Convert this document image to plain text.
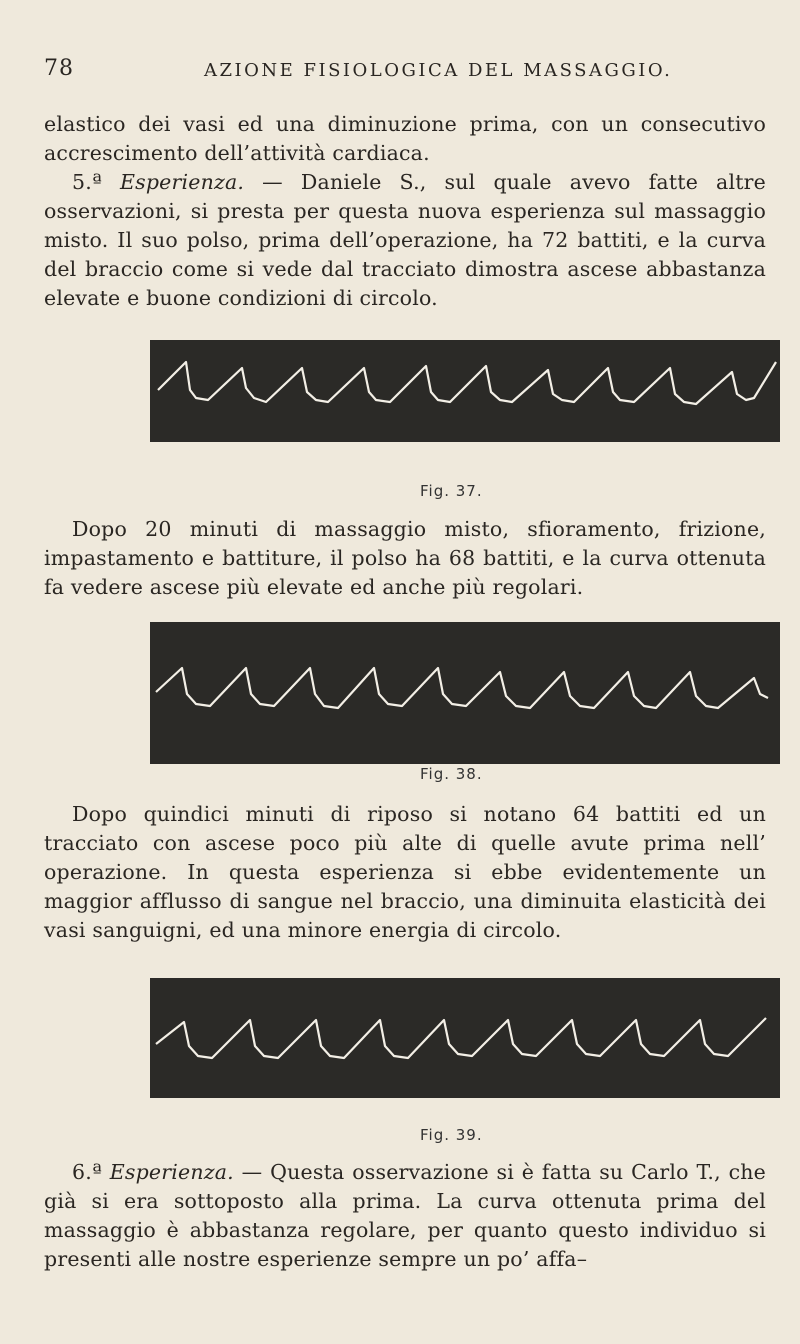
78	AZIONE FISIOLOGICA DEL MASSAGGIO.

elastico dei vasi ed una diminuzione prima, con un consecutivo accrescimento dell’attività cardiaca.

5.ª Esperienza. — Daniele S., sul quale avevo fatte altre osservazioni, si presta per questa nuova esperienza sul massaggio misto. Il suo polso, prima dell’operazione, ha 72 battiti, e la curva del braccio come si vede dal tracciato dimostra ascese abbastanza elevate e buone condizioni di circolo.

Fig. 37.

Dopo 20 minuti di massaggio misto, sfioramento, frizione, impastamento e battiture, il polso ha 68 battiti, e la curva ottenuta fa vedere ascese più elevate ed anche più regolari.

Fig. 38.

Dopo quindici minuti di riposo si notano 64 battiti ed un tracciato con ascese poco più alte di quelle avute prima nell’ operazione. In questa esperienza si ebbe evidentemente un maggior afflusso di sangue nel braccio, una diminuita elasticità dei vasi sanguigni, ed una minore energia di circolo.

Fig. 39.

6.ª Esperienza. — Questa osservazione si è fatta su Carlo T., che già si era sottoposto alla prima. La curva ottenuta prima del massaggio è abbastanza regolare, per quanto questo individuo si presenti alle nostre esperienze sempre un po’ affa–
